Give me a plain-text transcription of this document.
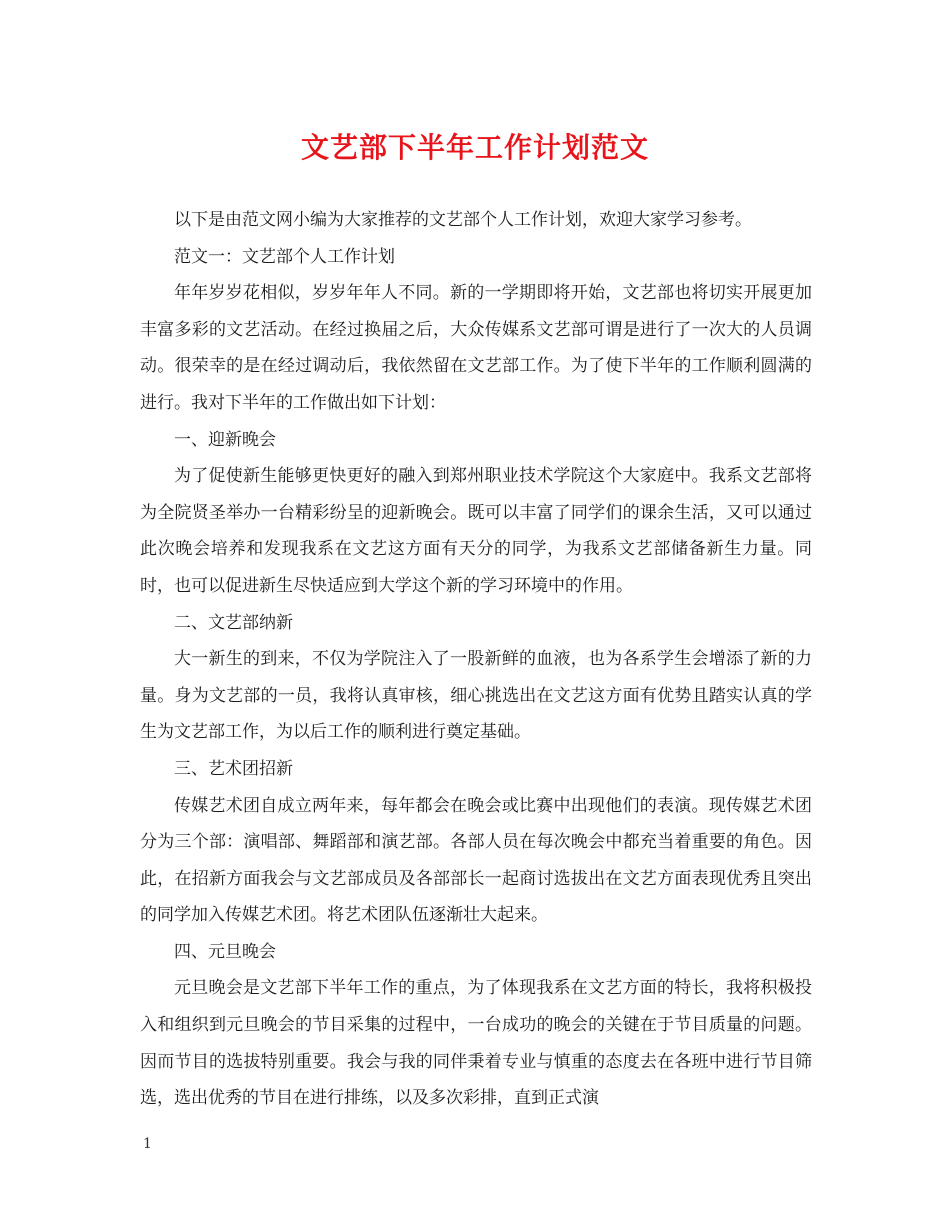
文艺部下半年工作计划范文

以下是由范文网小编为大家推荐的文艺部个人工作计划，欢迎大家学习参考。

范文一：文艺部个人工作计划

年年岁岁花相似，岁岁年年人不同。新的一学期即将开始，文艺部也将切实开展更加丰富多彩的文艺活动。在经过换届之后，大众传媒系文艺部可谓是进行了一次大的人员调动。很荣幸的是在经过调动后，我依然留在文艺部工作。为了使下半年的工作顺利圆满的进行。我对下半年的工作做出如下计划：

一、迎新晚会

为了促使新生能够更快更好的融入到郑州职业技术学院这个大家庭中。我系文艺部将为全院贤圣举办一台精彩纷呈的迎新晚会。既可以丰富了同学们的课余生活，又可以通过此次晚会培养和发现我系在文艺这方面有天分的同学，为我系文艺部储备新生力量。同时，也可以促进新生尽快适应到大学这个新的学习环境中的作用。

二、文艺部纳新

大一新生的到来，不仅为学院注入了一股新鲜的血液，也为各系学生会增添了新的力量。身为文艺部的一员，我将认真审核，细心挑选出在文艺这方面有优势且踏实认真的学生为文艺部工作，为以后工作的顺利进行奠定基础。

三、艺术团招新

传媒艺术团自成立两年来，每年都会在晚会或比赛中出现他们的表演。现传媒艺术团分为三个部：演唱部、舞蹈部和演艺部。各部人员在每次晚会中都充当着重要的角色。因此，在招新方面我会与文艺部成员及各部部长一起商讨选拔出在文艺方面表现优秀且突出的同学加入传媒艺术团。将艺术团队伍逐渐壮大起来。

四、元旦晚会

元旦晚会是文艺部下半年工作的重点，为了体现我系在文艺方面的特长，我将积极投入和组织到元旦晚会的节目采集的过程中，一台成功的晚会的关键在于节目质量的问题。因而节目的选拔特别重要。我会与我的同伴秉着专业与慎重的态度去在各班中进行节目筛选，选出优秀的节目在进行排练，以及多次彩排，直到正式演

1
